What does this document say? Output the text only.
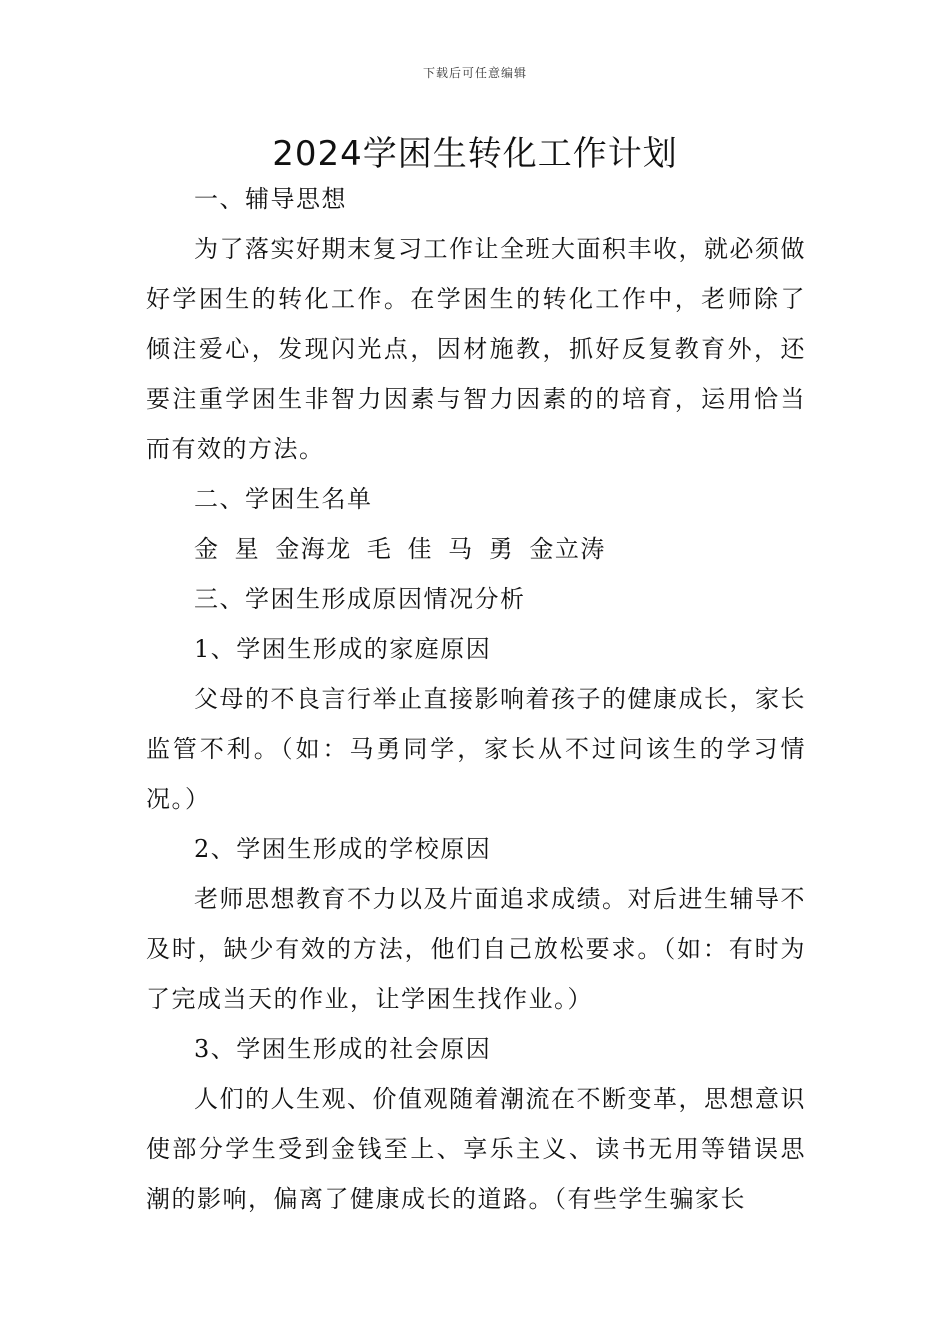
下载后可任意编辑
2024学困生转化工作计划

一、辅导思想

为了落实好期末复习工作让全班大面积丰收，就必须做好学困生的转化工作。在学困生的转化工作中，老师除了倾注爱心，发现闪光点，因材施教，抓好反复教育外，还要注重学困生非智力因素与智力因素的的培育，运用恰当而有效的方法。

二、学困生名单

金 星 金海龙 毛 佳 马 勇 金立涛

三、学困生形成原因情况分析

1、学困生形成的家庭原因

父母的不良言行举止直接影响着孩子的健康成长，家长监管不利。（如：马勇同学，家长从不过问该生的学习情况。）

2、学困生形成的学校原因

老师思想教育不力以及片面追求成绩。对后进生辅导不及时，缺少有效的方法，他们自己放松要求。（如：有时为了完成当天的作业，让学困生找作业。）

3、学困生形成的社会原因

人们的人生观、价值观随着潮流在不断变革，思想意识使部分学生受到金钱至上、享乐主义、读书无用等错误思潮的影响，偏离了健康成长的道路。（有些学生骗家长
